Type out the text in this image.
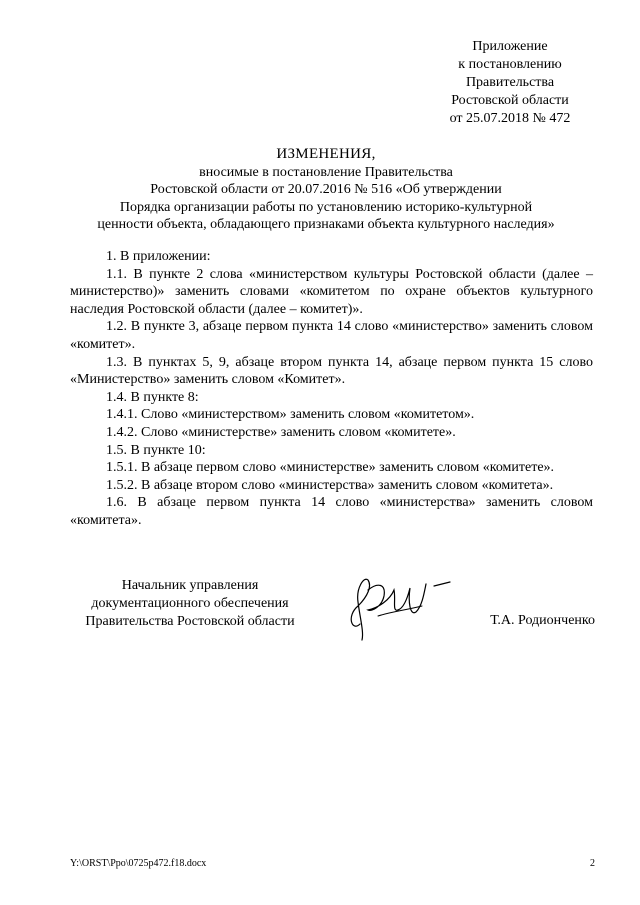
Приложение
к постановлению
Правительства
Ростовской области
от 25.07.2018 № 472
ИЗМЕНЕНИЯ,
вносимые в постановление Правительства
Ростовской области от 20.07.2016 № 516 «Об утверждении
Порядка организации работы по установлению историко-культурной
ценности объекта, обладающего признаками объекта культурного наследия»

1. В приложении:

1.1. В пункте 2 слова «министерством культуры Ростовской области (далее – министерство)» заменить словами «комитетом по охране объектов культурного наследия Ростовской области (далее – комитет)».

1.2. В пункте 3, абзаце первом пункта 14 слово «министерство» заменить словом «комитет».

1.3. В пунктах 5, 9, абзаце втором пункта 14, абзаце первом пункта 15 слово «Министерство» заменить словом «Комитет».

1.4. В пункте 8:

1.4.1. Слово «министерством» заменить словом «комитетом».

1.4.2. Слово «министерстве» заменить словом «комитете».

1.5. В пункте 10:

1.5.1. В абзаце первом слово «министерстве» заменить словом «комитете».

1.5.2. В абзаце втором слово «министерства» заменить словом «комитета».

1.6. В абзаце первом пункта 14 слово «министерства» заменить словом «комитета».

Начальник управления
документационного обеспечения
Правительства Ростовской области	Т.А. Родионченко
Y:\ORST\Ppo\0725p472.f18.docx	2
